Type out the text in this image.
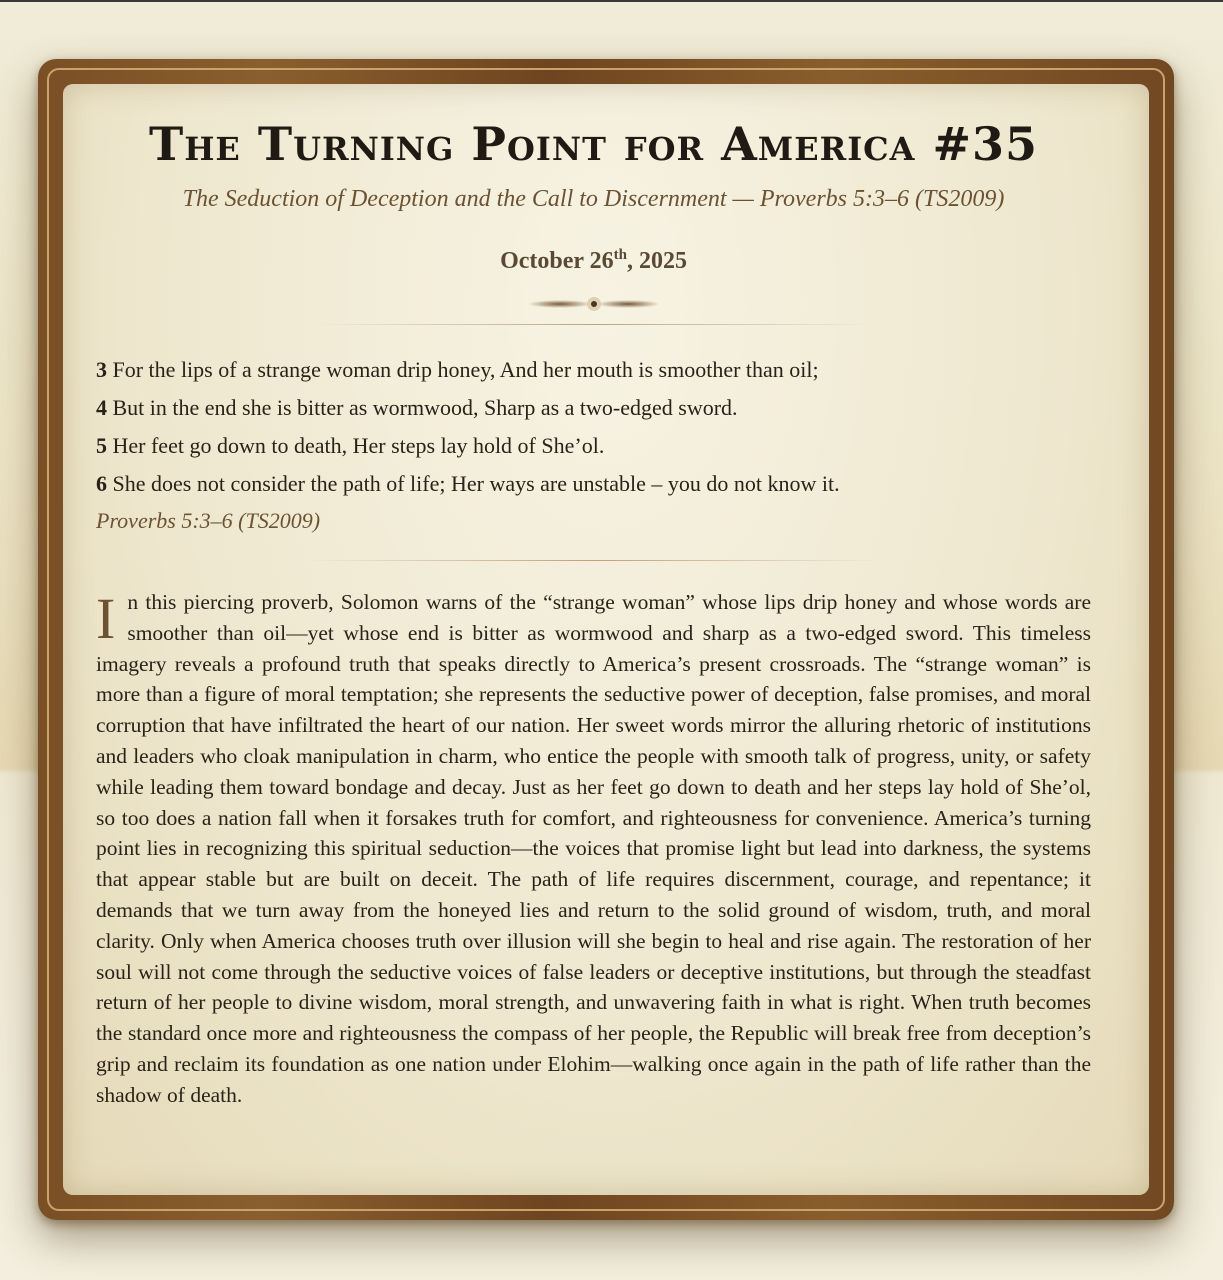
The Turning Point for America #35
The Seduction of Deception and the Call to Discernment — Proverbs 5:3–6 (TS2009)
October 26th, 2025
3 For the lips of a strange woman drip honey, And her mouth is smoother than oil;
4 But in the end she is bitter as wormwood, Sharp as a two-edged sword.
5 Her feet go down to death, Her steps lay hold of She’ol.
6 She does not consider the path of life; Her ways are unstable – you do not know it.
Proverbs 5:3–6 (TS2009)
In this piercing proverb, Solomon warns of the “strange woman” whose lips drip honey and whose words are smoother than oil—yet whose end is bitter as wormwood and sharp as a two-edged sword. This timeless imagery reveals a profound truth that speaks directly to America’s present crossroads. The “strange woman” is more than a figure of moral temptation; she represents the seductive power of deception, false promises, and moral corruption that have infiltrated the heart of our nation. Her sweet words mirror the alluring rhetoric of institutions and leaders who cloak manipulation in charm, who entice the people with smooth talk of progress, unity, or safety while leading them toward bondage and decay. Just as her feet go down to death and her steps lay hold of She’ol, so too does a nation fall when it forsakes truth for comfort, and righteousness for convenience. America’s turning point lies in recognizing this spiritual seduction—the voices that promise light but lead into darkness, the systems that appear stable but are built on deceit. The path of life requires discernment, courage, and repentance; it demands that we turn away from the honeyed lies and return to the solid ground of wisdom, truth, and moral clarity. Only when America chooses truth over illusion will she begin to heal and rise again. The restoration of her soul will not come through the seductive voices of false leaders or deceptive institutions, but through the steadfast return of her people to divine wisdom, moral strength, and unwavering faith in what is right. When truth becomes the standard once more and righteousness the compass of her people, the Republic will break free from deception’s grip and reclaim its foundation as one nation under Elohim—walking once again in the path of life rather than the shadow of death.
